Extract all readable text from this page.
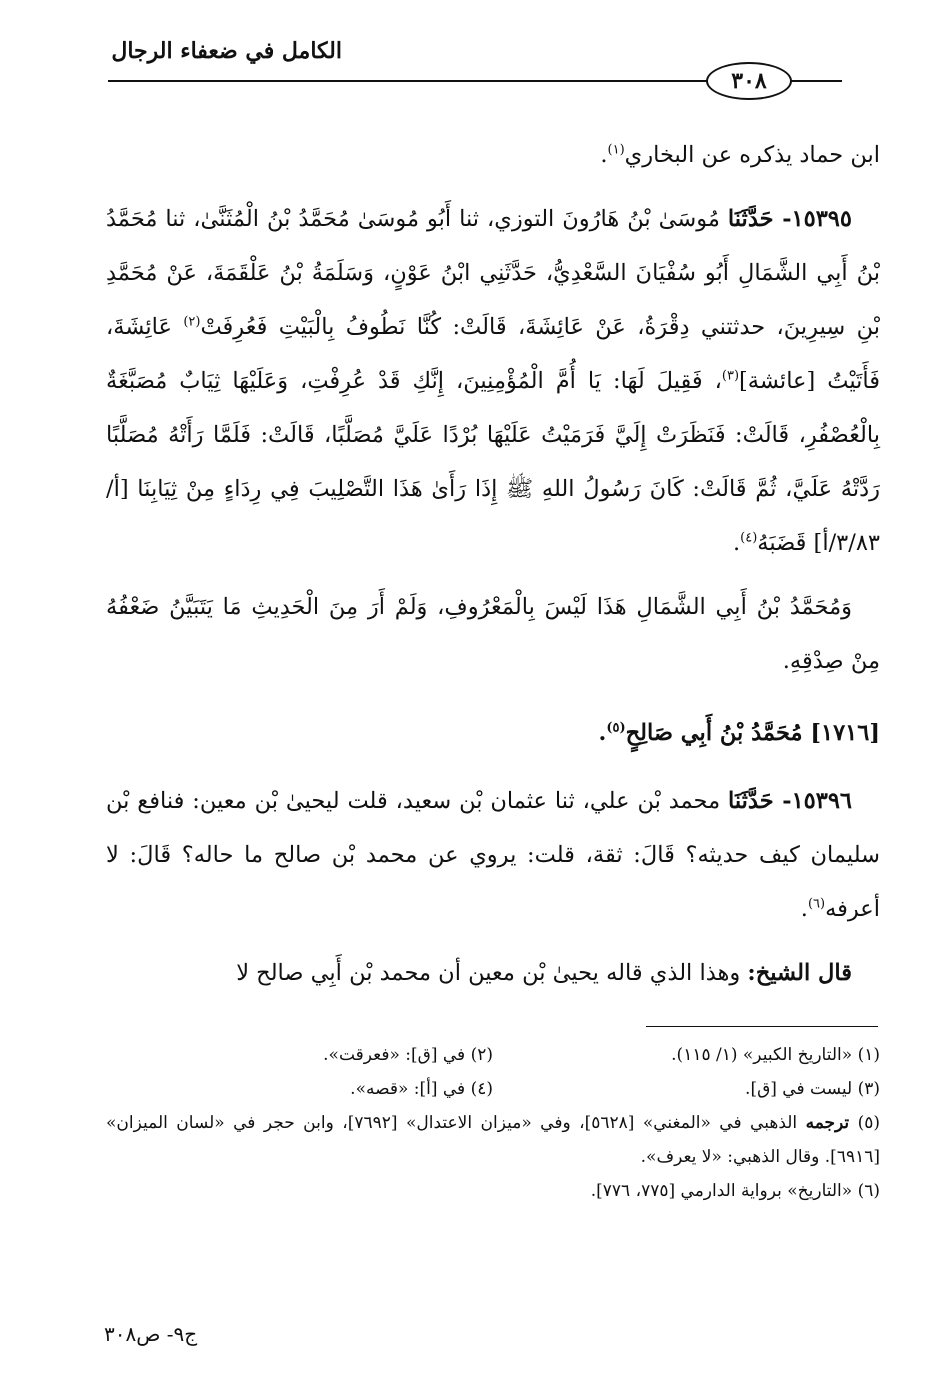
الكامل في ضعفاء الرجال
٣٠٨

ابن حماد يذكره عن البخاري$^{(١)}$.

١٥٣٩٥- حَدَّثَنَا مُوسَىٰ بْنُ هَارُونَ التوزي، ثنا أَبُو مُوسَىٰ مُحَمَّدُ بْنُ الْمُثَنَّىٰ، ثنا مُحَمَّدُ بْنُ أَبِي الشَّمَالِ أَبُو سُفْيَانَ السَّعْدِيُّ، حَدَّثَنِي ابْنُ عَوْنٍ، وَسَلَمَةُ بْنُ عَلْقَمَةَ، عَنْ مُحَمَّدِ بْنِ سِيرِينَ، حدثتني دِقْرَةُ، عَنْ عَائِشَةَ، قَالَتْ: كُنَّا نَطُوفُ بِالْبَيْتِ فَعُرِفَتْ$^{(٢)}$ عَائِشَةَ، فَأَتَيْتُ [عائشة]$^{(٣)}$، فَقِيلَ لَهَا: يَا أُمَّ الْمُؤْمِنِينَ، إِنَّكِ قَدْ عُرِفْتِ، وَعَلَيْهَا ثِيَابٌ مُصَبَّغَةٌ بِالْعُصْفُرِ، قَالَتْ: فَنَظَرَتْ إِلَيَّ فَرَمَيْتُ عَلَيْهَا بُرْدًا عَلَيَّ مُصَلَّبًا، قَالَتْ: فَلَمَّا رَأَتْهُ مُصَلَّبًا رَدَّتْهُ عَلَيَّ، ثُمَّ قَالَتْ: كَانَ رَسُولُ اللهِ ﷺ إِذَا رَأَىٰ هَذَا التَّصْلِيبَ فِي رِدَاءٍ مِنْ ثِيَابِنَا [أ/٣/٨٣/أ] قَضَبَهُ$^{(٤)}$.

وَمُحَمَّدُ بْنُ أَبِي الشَّمَالِ هَذَا لَيْسَ بِالْمَعْرُوفِ، وَلَمْ أَرَ مِنَ الْحَدِيثِ مَا يَتَبَيَّنُ ضَعْفُهُ مِنْ صِدْقِهِ.

[١٧١٦] مُحَمَّدُ بْنُ أَبِي صَالِحٍ$^{(٥)}$.

١٥٣٩٦- حَدَّثَنَا محمد بْن علي، ثنا عثمان بْن سعيد، قلت ليحيىٰ بْن معين: فنافع بْن سليمان كيف حديثه؟ قَالَ: ثقة، قلت: يروي عن محمد بْن صالح ما حاله؟ قَالَ: لا أعرفه$^{(٦)}$.

قال الشيخ: وهذا الذي قاله يحيىٰ بْن معين أن محمد بْن أَبِي صالح لا

(١) «التاريخ الكبير» (١/ ١١٥).
(٢) في [ق]: «فعرقت».
(٣) ليست في [ق].
(٤) في [أ]: «قصه».
(٥) ترجمه الذهبي في «المغني» [٥٦٢٨]، وفي «ميزان الاعتدال» [٧٦٩٢]، وابن حجر في «لسان الميزان» [٦٩١٦]. وقال الذهبي: «لا يعرف».
(٦) «التاريخ» برواية الدارمي [٧٧٥، ٧٧٦].
ج٩- ص٣٠٨
